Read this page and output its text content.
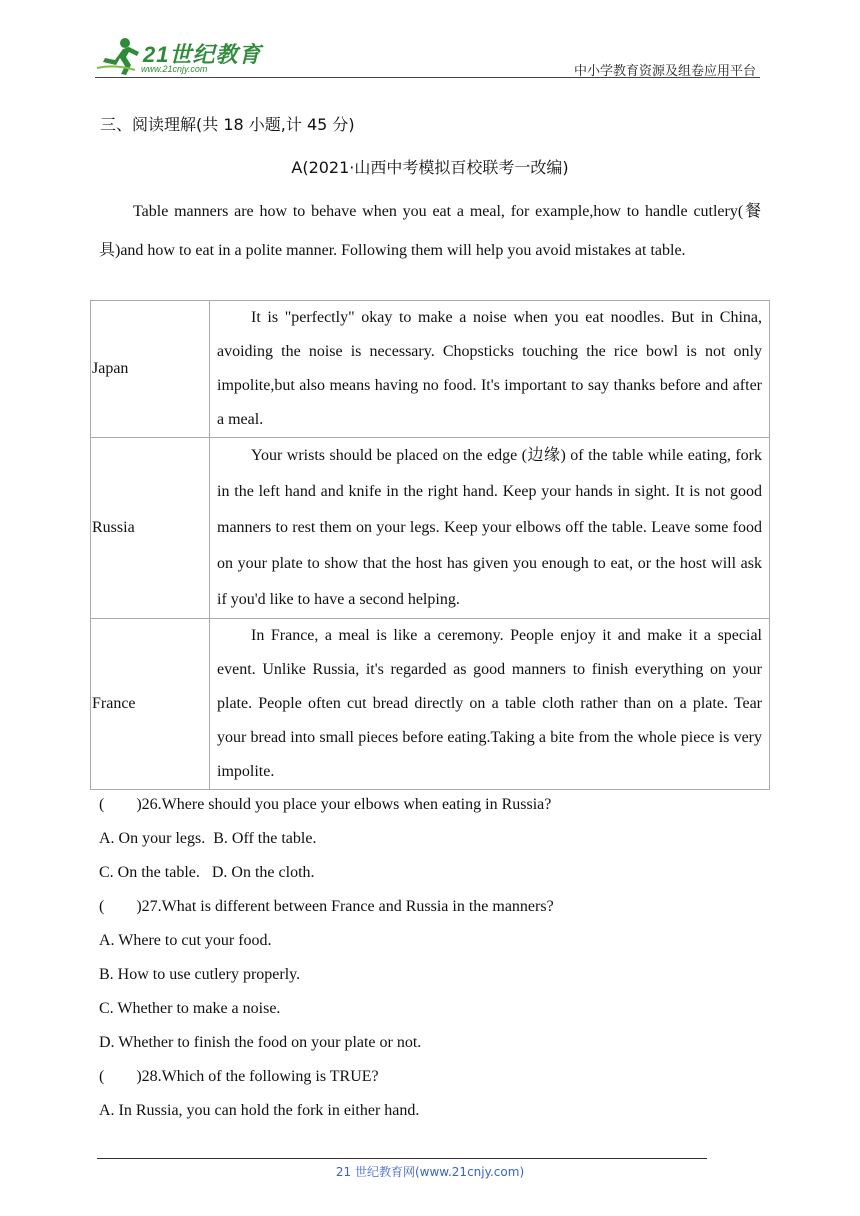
21世纪教育
www.21cnjy.com	中小学教育资源及组卷应用平台
三、阅读理解(共 18 小题,计 45 分)
A(2021·山西中考模拟百校联考一改编)

Table manners are how to behave when you eat a meal, for example,how to handle cutlery(餐具)and how to eat in a polite manner. Following them will help you avoid mistakes at table.

Japan	It is "perfectly" okay to make a noise when you eat noodles. But in China, avoiding the noise is necessary. Chopsticks touching the rice bowl is not only impolite,but also means having no food. It's important to say thanks before and after a meal.

Russia	Your wrists should be placed on the edge (边缘) of the table while eating, fork in the left hand and knife in the right hand. Keep your hands in sight. It is not good manners to rest them on your legs. Keep your elbows off the table. Leave some food on your plate to show that the host has given you enough to eat, or the host will ask if you'd like to have a second helping.

France	In France, a meal is like a ceremony. People enjoy it and make it a special event. Unlike Russia, it's regarded as good manners to finish everything on your plate. People often cut bread directly on a table cloth rather than on a plate. Tear your bread into small pieces before eating.Taking a bite from the whole piece is very impolite.

(        )26.Where should you place your elbows when eating in Russia?
A. On your legs.  B. Off the table.
C. On the table.   D. On the cloth.
(        )27.What is different between France and Russia in the manners?
A. Where to cut your food.
B. How to use cutlery properly.
C. Whether to make a noise.
D. Whether to finish the food on your plate or not.
(        )28.Which of the following is TRUE?
A. In Russia, you can hold the fork in either hand.
21 世纪教育网(www.21cnjy.com)
